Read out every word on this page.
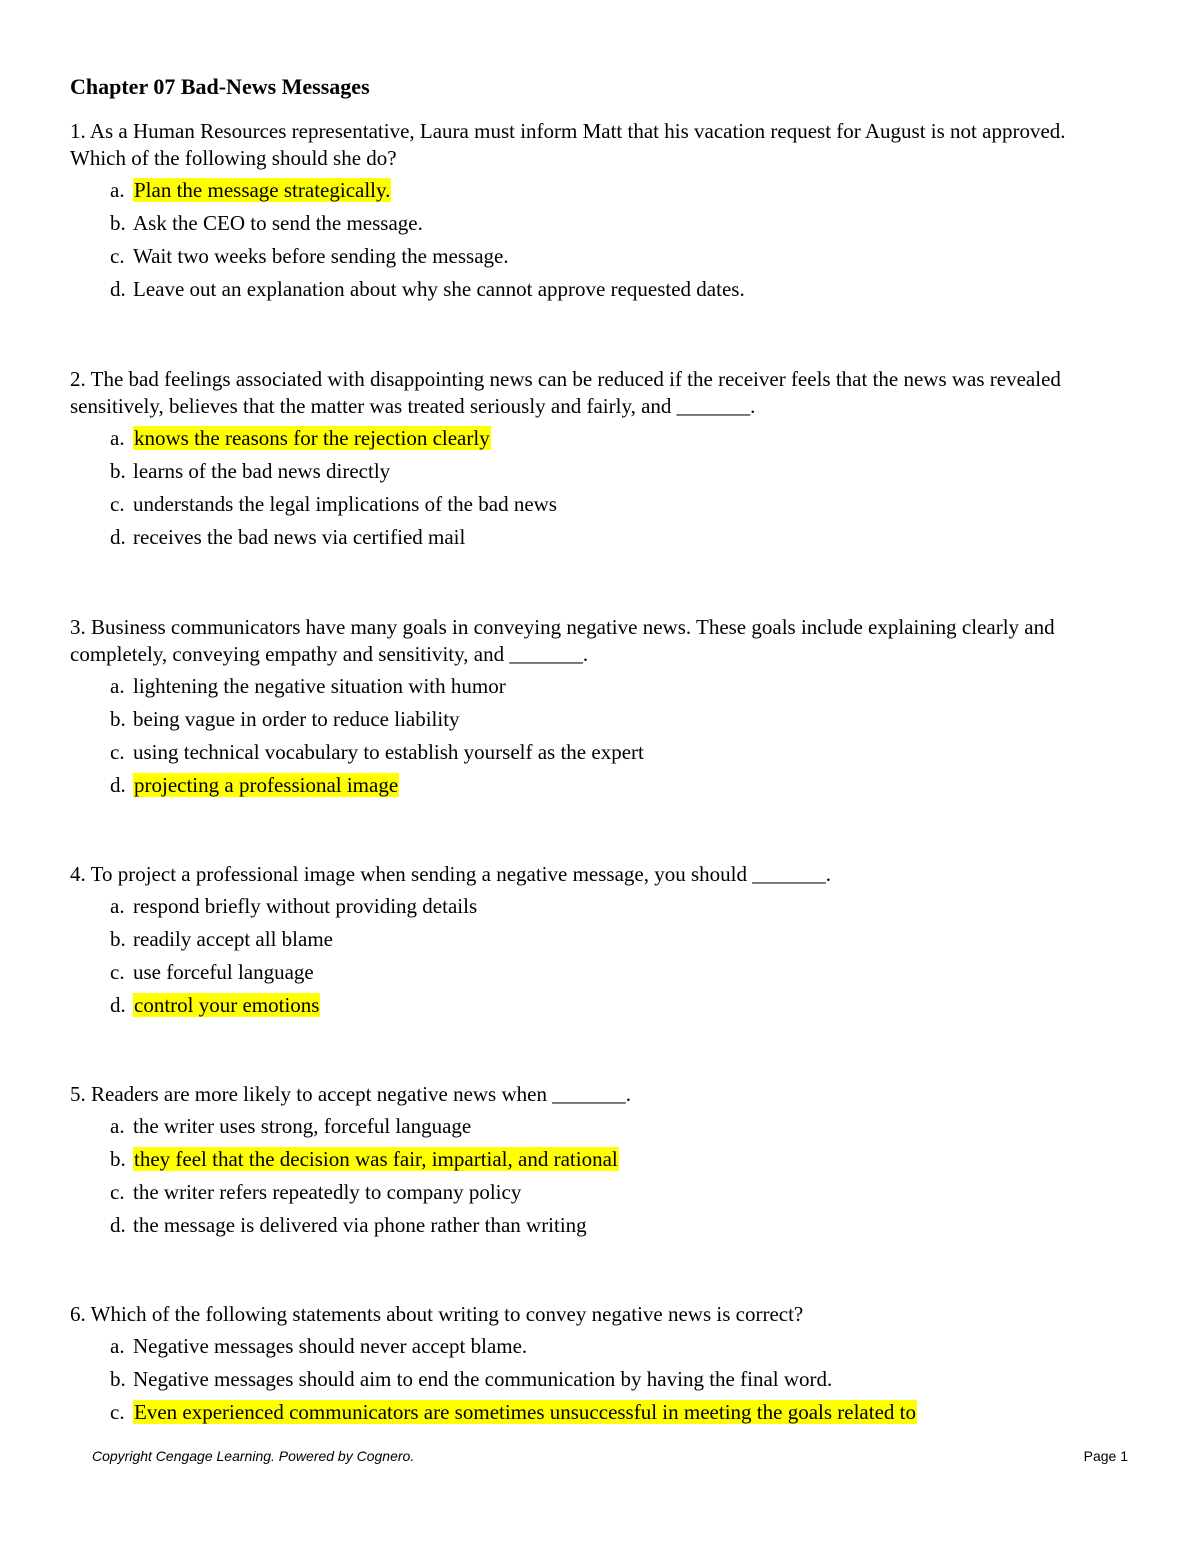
Chapter 07 Bad-News Messages

1. As a Human Resources representative, Laura must inform Matt that his vacation request for August is not approved. Which of the following should she do?

a. Plan the message strategically.
b. Ask the CEO to send the message.
c. Wait two weeks before sending the message.
d. Leave out an explanation about why she cannot approve requested dates.

2. The bad feelings associated with disappointing news can be reduced if the receiver feels that the news was revealed sensitively, believes that the matter was treated seriously and fairly, and _______.

a. knows the reasons for the rejection clearly
b. learns of the bad news directly
c. understands the legal implications of the bad news
d. receives the bad news via certified mail

3. Business communicators have many goals in conveying negative news. These goals include explaining clearly and completely, conveying empathy and sensitivity, and _______.

a. lightening the negative situation with humor
b. being vague in order to reduce liability
c. using technical vocabulary to establish yourself as the expert
d. projecting a professional image

4. To project a professional image when sending a negative message, you should _______.

a. respond briefly without providing details
b. readily accept all blame
c. use forceful language
d. control your emotions

5. Readers are more likely to accept negative news when _______.

a. the writer uses strong, forceful language
b. they feel that the decision was fair, impartial, and rational
c. the writer refers repeatedly to company policy
d. the message is delivered via phone rather than writing

6. Which of the following statements about writing to convey negative news is correct?

a. Negative messages should never accept blame.
b. Negative messages should aim to end the communication by having the final word.
c. Even experienced communicators are sometimes unsuccessful in meeting the goals related to
Copyright Cengage Learning. Powered by Cognero.	Page 1
